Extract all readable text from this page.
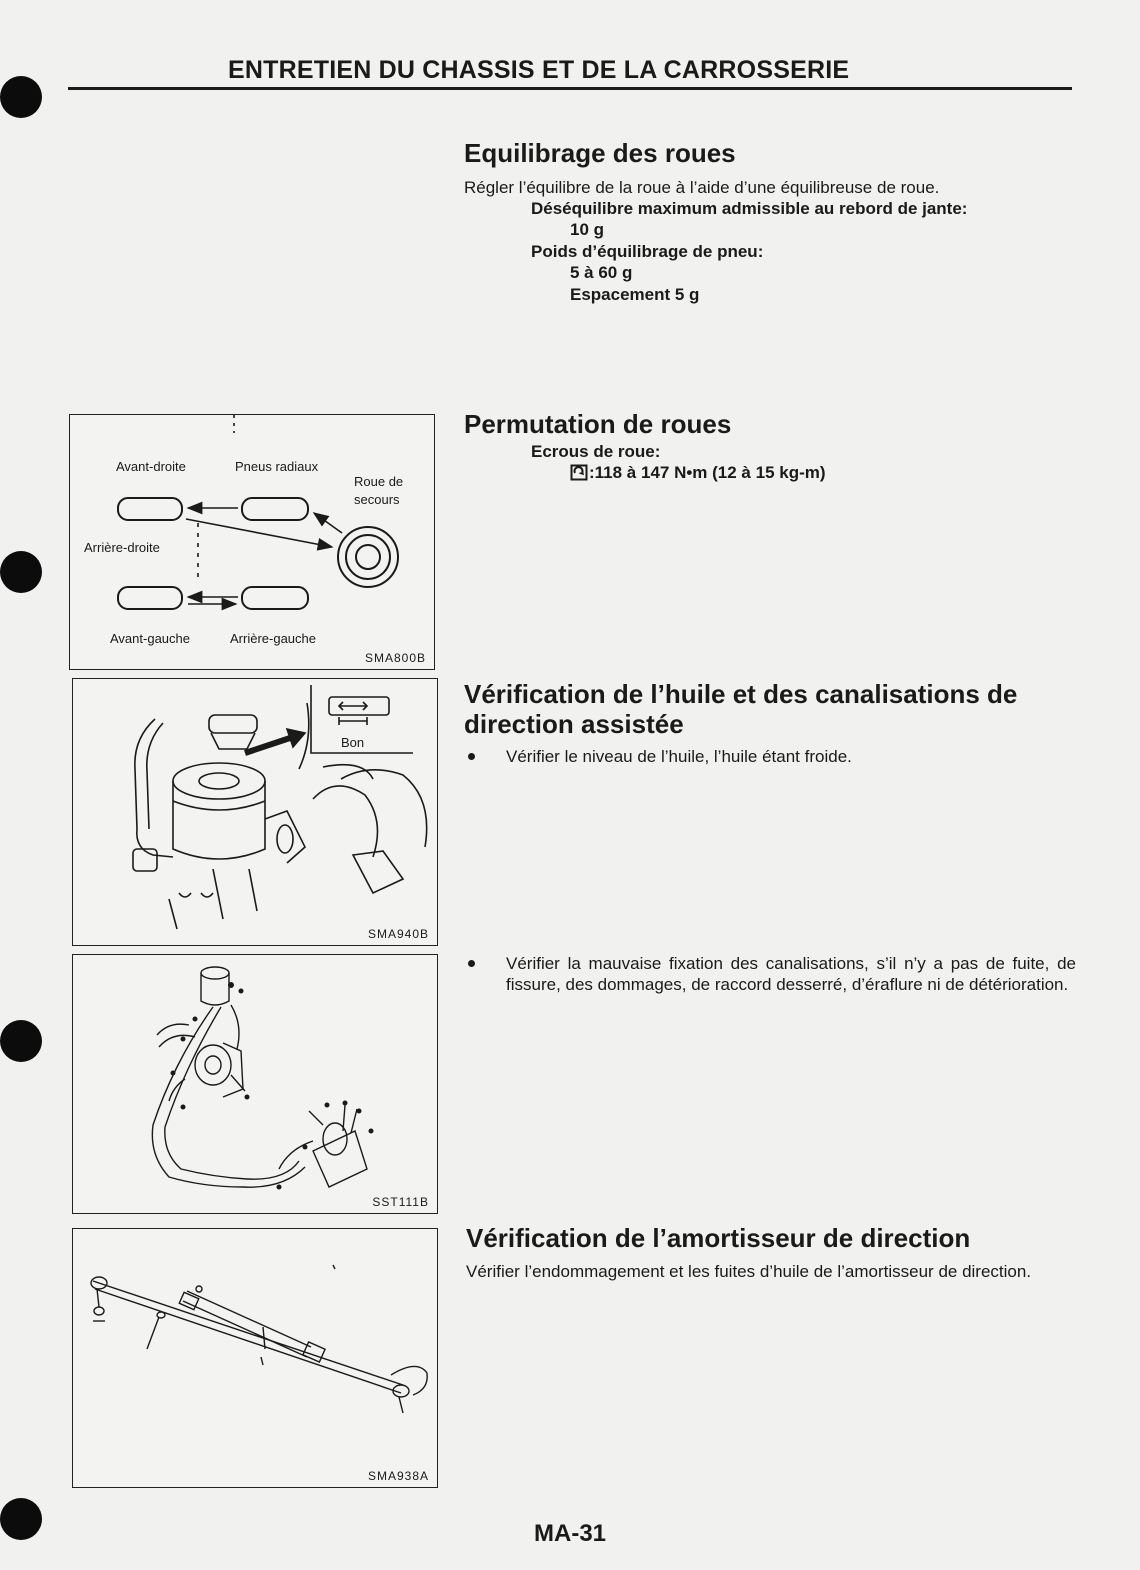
ENTRETIEN DU CHASSIS ET DE LA CARROSSERIE
Equilibrage des roues
Régler l’équilibre de la roue à l’aide d’une équilibreuse de roue.
Déséquilibre maximum admissible au rebord de jante:
10 g
Poids d’équilibrage de pneu:
5 à 60 g
Espacement 5 g
Permutation de roues
Ecrous de roue:
:118 à 147 N•m (12 à 15 kg-m)
Avant-droite	Pneus radiaux
Roue de
secours
Arrière-droite
Avant-gauche	Arrière-gauche
SMA800B
Bon
SMA940B
Vérification de l’huile et des canalisations de
direction assistée
Vérifier le niveau de l’huile, l’huile étant froide.
SST111B
Vérifier la mauvaise fixation des canalisations, s’il n’y a pas de fuite, de fissure, des dommages, de raccord desserré, d’éraflure ni de détérioration.
SMA938A
Vérification de l’amortisseur de direction
Vérifier l’endommagement et les fuites d’huile de l’amortisseur de direction.
MA-31
